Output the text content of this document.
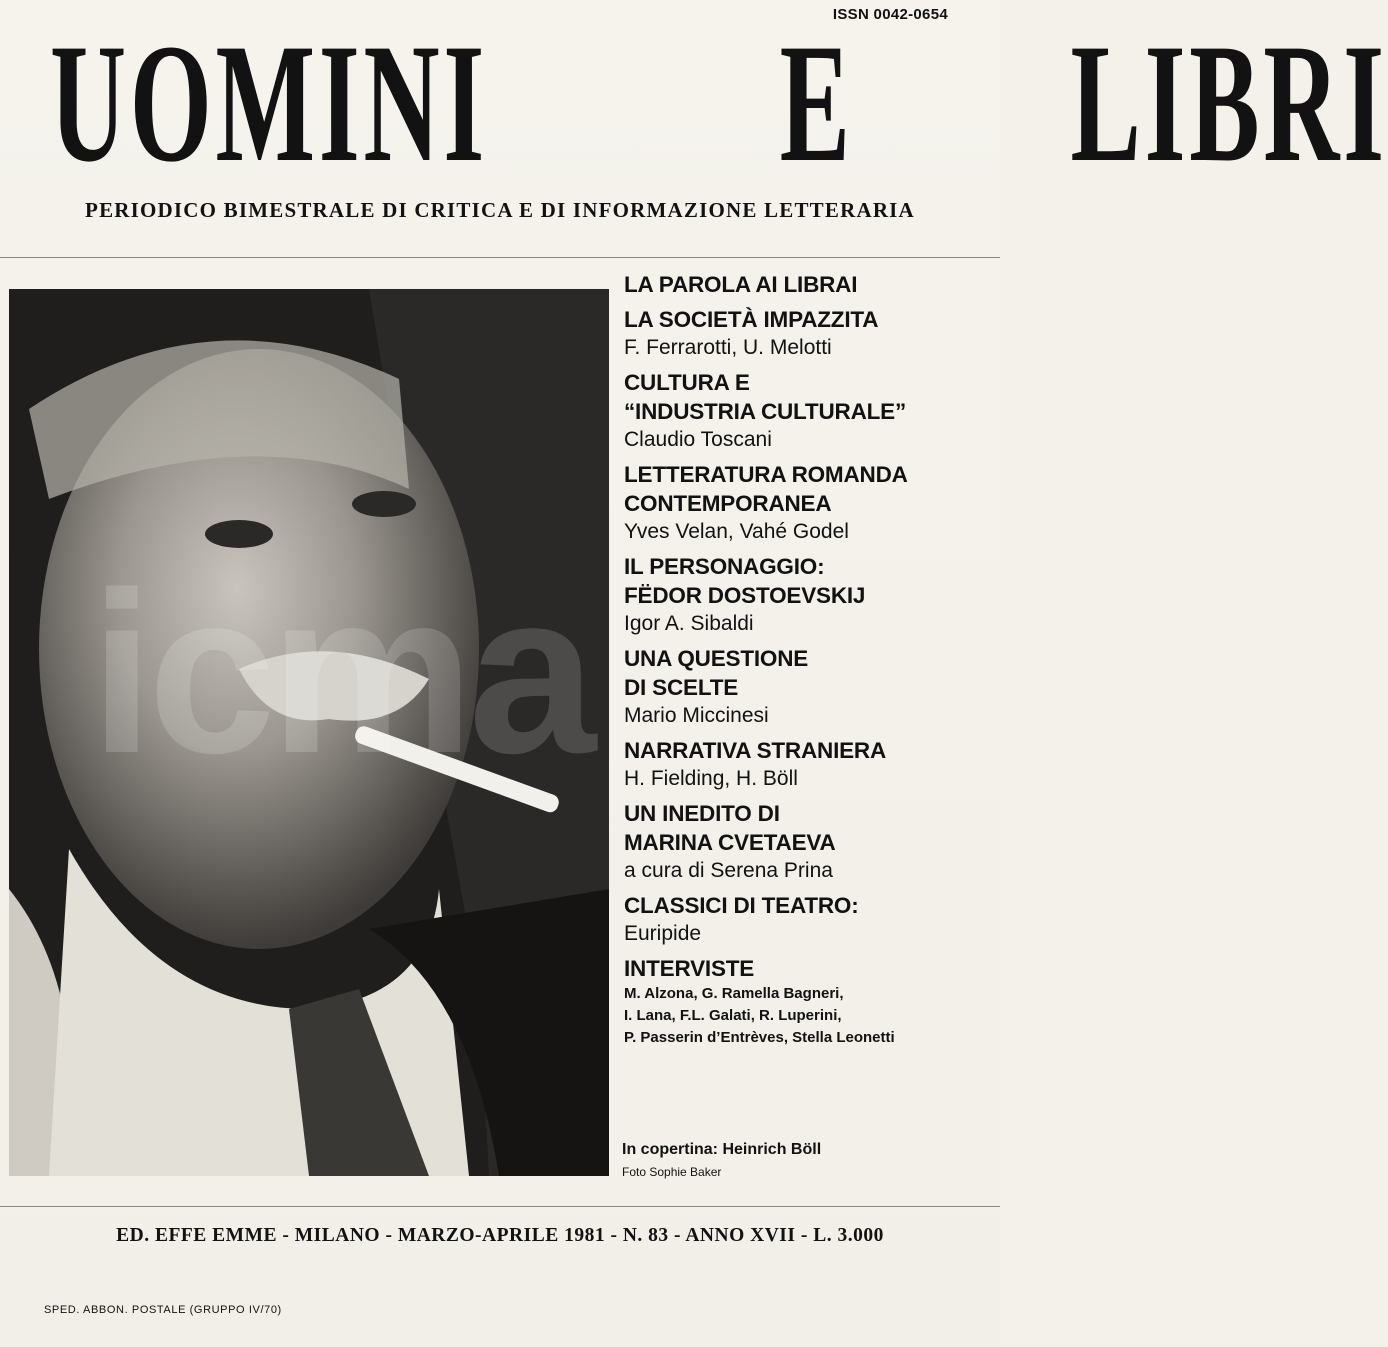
ISSN 0042-0654
UOMINI E LIBRI
PERIODICO BIMESTRALE DI CRITICA E DI INFORMAZIONE LETTERARIA
icma
LA PAROLA AI LIBRAI
LA SOCIETÀ IMPAZZITA
F. Ferrarotti, U. Melotti
CULTURA E
“INDUSTRIA CULTURALE”
Claudio Toscani
LETTERATURA ROMANDA
CONTEMPORANEA
Yves Velan, Vahé Godel
IL PERSONAGGIO:
FËDOR DOSTOEVSKIJ
Igor A. Sibaldi
UNA QUESTIONE
DI SCELTE
Mario Miccinesi
NARRATIVA STRANIERA
H. Fielding, H. Böll
UN INEDITO DI
MARINA CVETAEVA
a cura di Serena Prina
CLASSICI DI TEATRO:
Euripide
INTERVISTE
M. Alzona, G. Ramella Bagneri,
I. Lana, F.L. Galati, R. Luperini,
P. Passerin d’Entrèves, Stella Leonetti
In copertina: Heinrich Böll
Foto Sophie Baker
ED. EFFE EMME - MILANO - MARZO-APRILE 1981 - N. 83 - ANNO XVII - L. 3.000
SPED. ABBON. POSTALE (GRUPPO IV/70)
